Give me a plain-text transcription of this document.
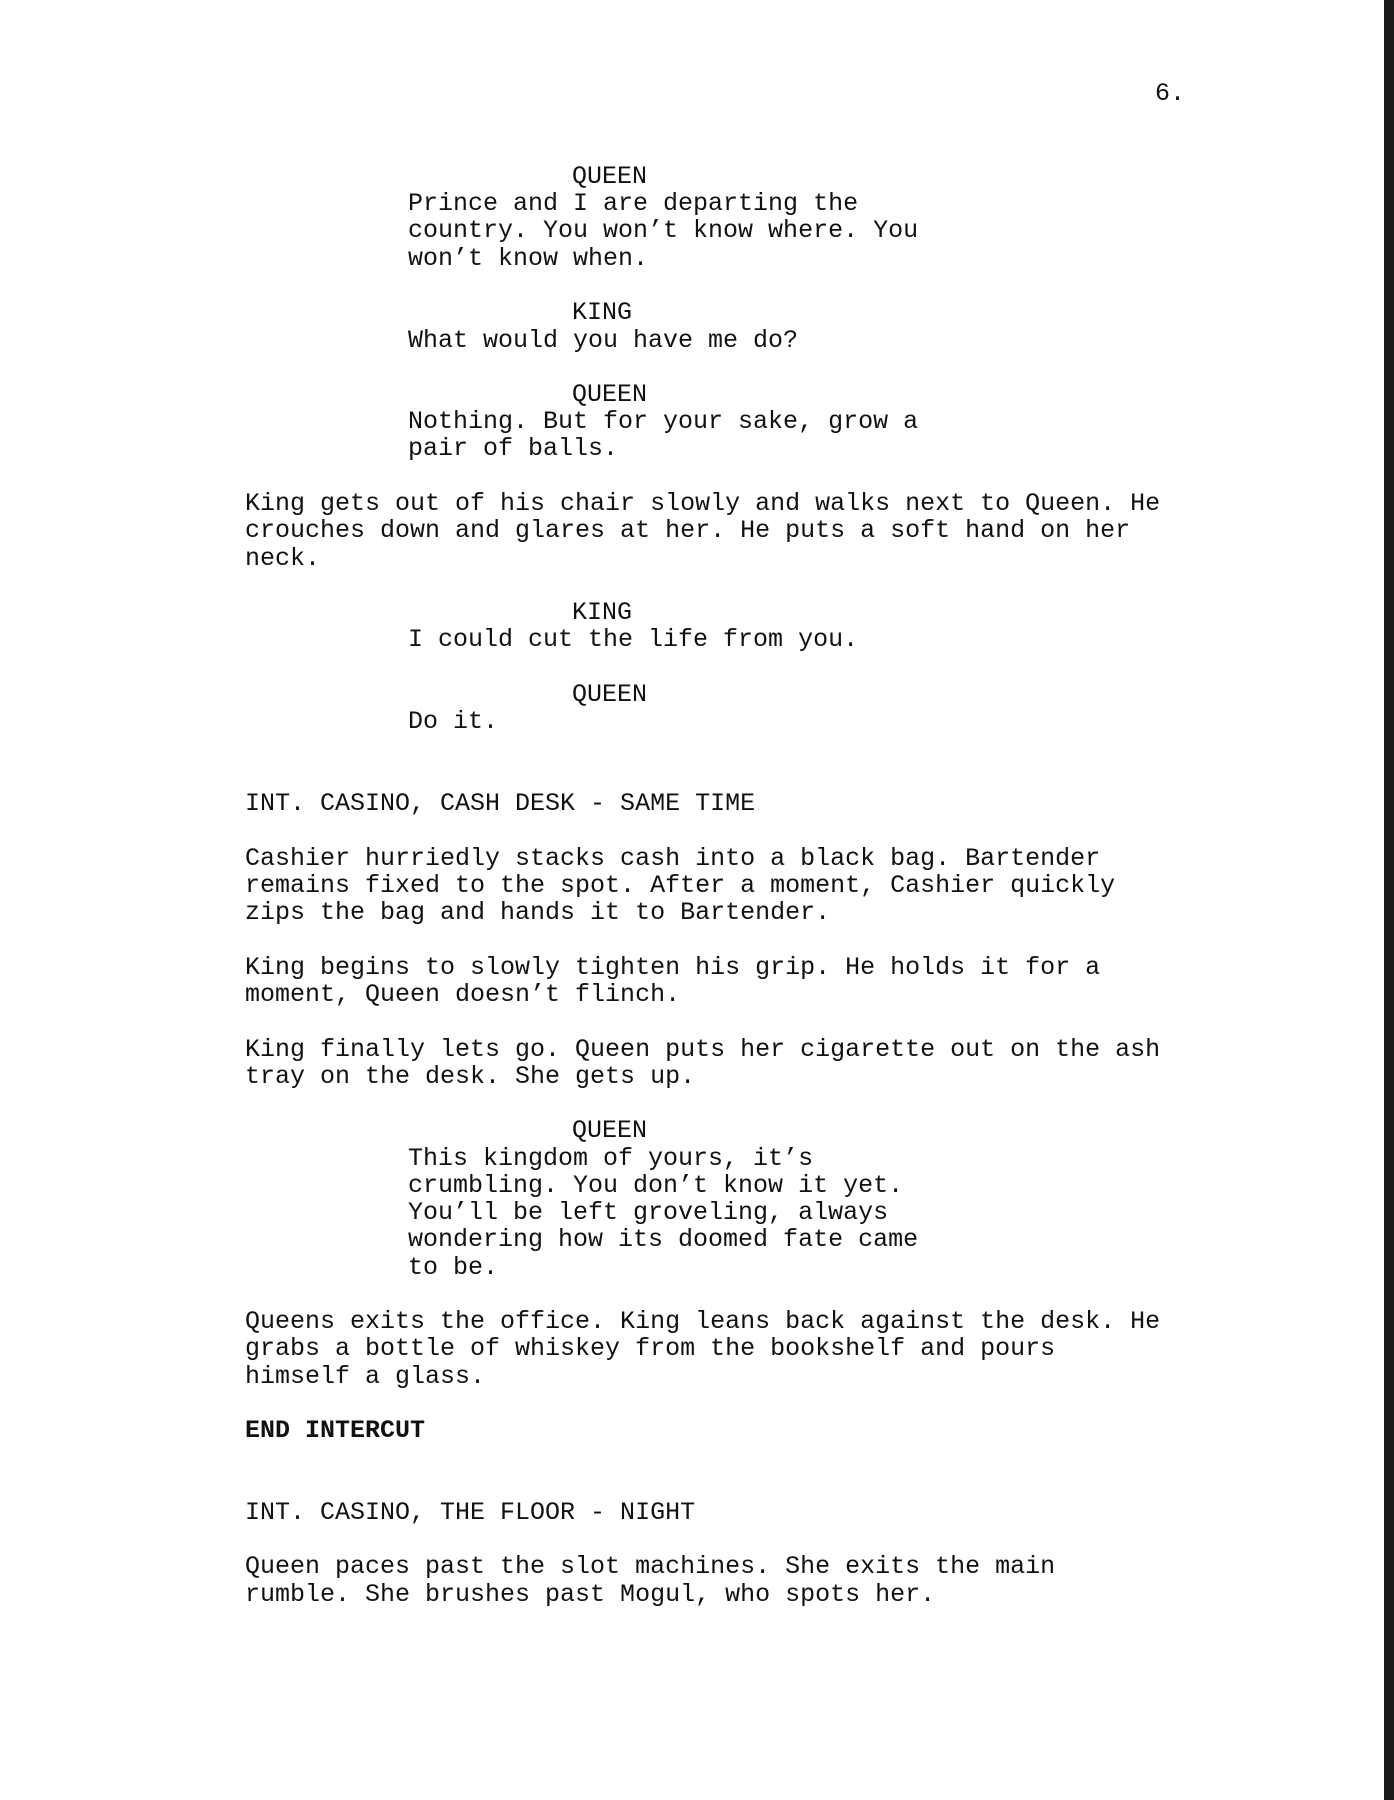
6.
QUEEN
Prince and I are departing the
country. You won’t know where. You
won’t know when.
KING
What would you have me do?
QUEEN
Nothing. But for your sake, grow a
pair of balls.
King gets out of his chair slowly and walks next to Queen. He
crouches down and glares at her. He puts a soft hand on her
neck.
KING
I could cut the life from you.
QUEEN
Do it.
INT. CASINO, CASH DESK - SAME TIME
Cashier hurriedly stacks cash into a black bag. Bartender
remains fixed to the spot. After a moment, Cashier quickly
zips the bag and hands it to Bartender.
King begins to slowly tighten his grip. He holds it for a
moment, Queen doesn’t flinch.
King finally lets go. Queen puts her cigarette out on the ash
tray on the desk. She gets up.
QUEEN
This kingdom of yours, it’s
crumbling. You don’t know it yet.
You’ll be left groveling, always
wondering how its doomed fate came
to be.
Queens exits the office. King leans back against the desk. He
grabs a bottle of whiskey from the bookshelf and pours
himself a glass.
END INTERCUT
INT. CASINO, THE FLOOR - NIGHT
Queen paces past the slot machines. She exits the main
rumble. She brushes past Mogul, who spots her.
